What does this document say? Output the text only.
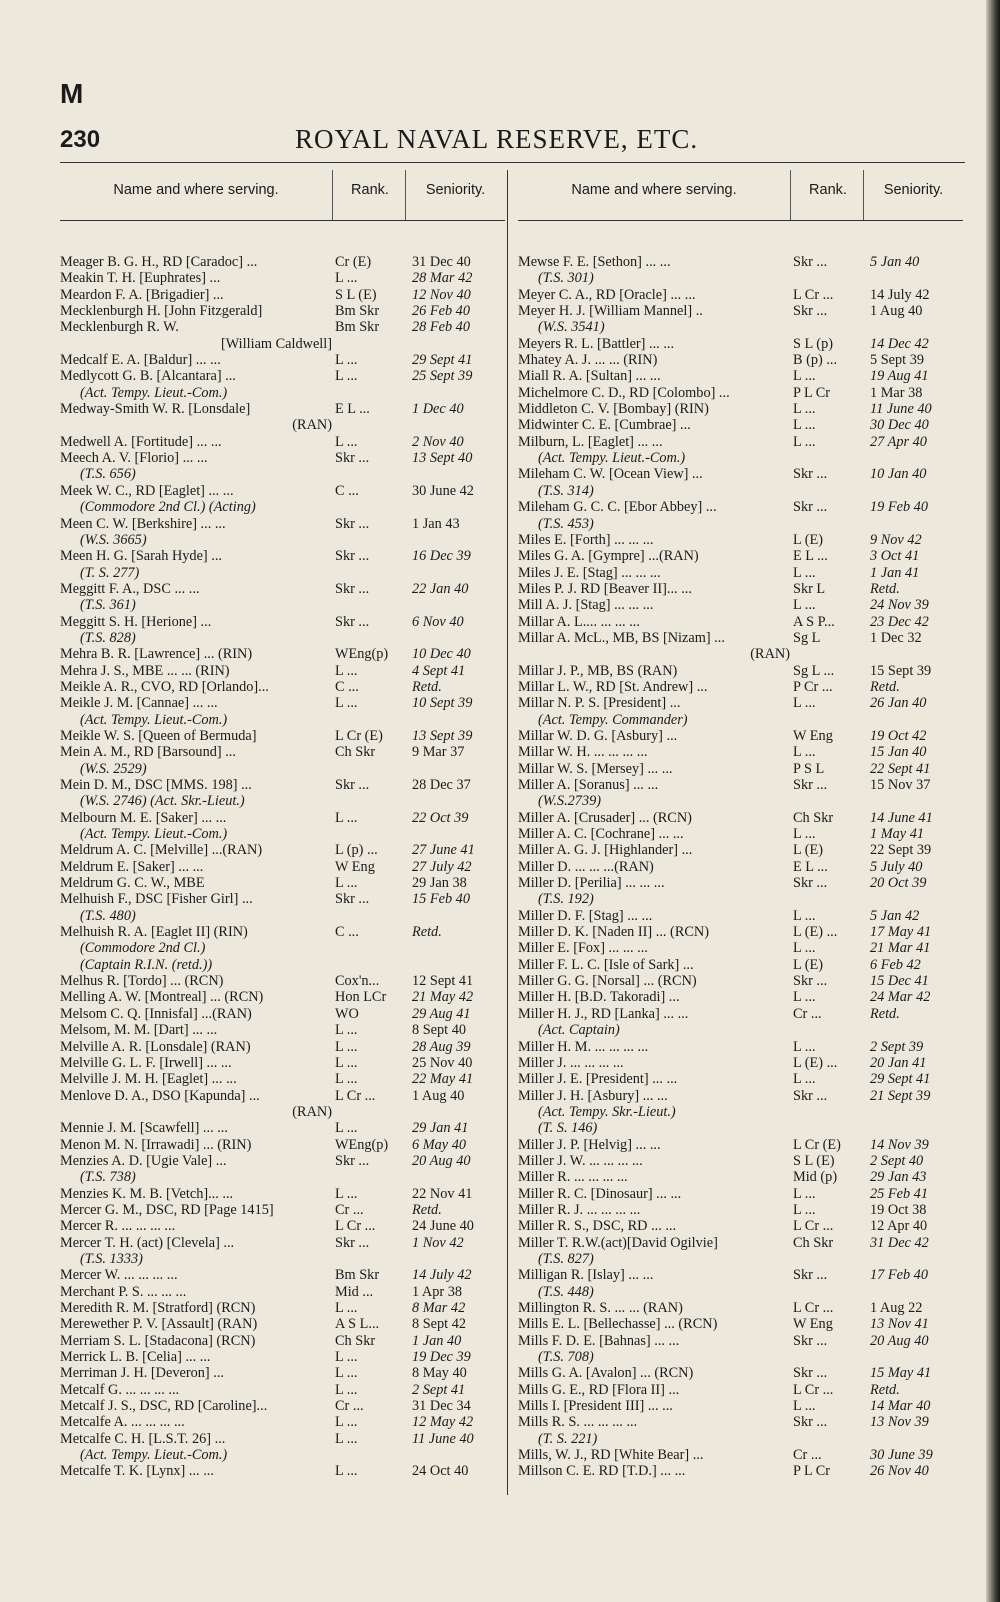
M
230	ROYAL NAVAL RESERVE, ETC.
Name and where serving.	Rank.	Seniority.
Meager B. G. H., RD [Caradoc] ...	Cr (E)	31 Dec 40
Meakin T. H. [Euphrates] ...	L ...	28 Mar 42
Meardon F. A. [Brigadier] ...	S L (E)	12 Nov 40
Mecklenburgh H. [John Fitzgerald]	Bm Skr	26 Feb 40
Mecklenburgh R. W.	Bm Skr	28 Feb 40
[William Caldwell]
Medcalf E. A. [Baldur] ... ...	L ...	29 Sept 41
Medlycott G. B. [Alcantara] ...	L ...	25 Sept 39
(Act. Tempy. Lieut.-Com.)
Medway-Smith W. R. [Lonsdale]	E L ...	1 Dec 40
(RAN)
Medwell A. [Fortitude] ... ...	L ...	2 Nov 40
Meech A. V. [Florio] ... ...	Skr ...	13 Sept 40
(T.S. 656)
Meek W. C., RD [Eaglet] ... ...	C ...	30 June 42
(Commodore 2nd Cl.) (Acting)
Meen C. W. [Berkshire] ... ...	Skr ...	1 Jan 43
(W.S. 3665)
Meen H. G. [Sarah Hyde] ...	Skr ...	16 Dec 39
(T. S. 277)
Meggitt F. A., DSC ... ...	Skr ...	22 Jan 40
(T.S. 361)
Meggitt S. H. [Herione] ...	Skr ...	6 Nov 40
(T.S. 828)
Mehra B. R. [Lawrence] ... (RIN)	WEng(p)	10 Dec 40
Mehra J. S., MBE ... ... (RIN)	L ...	4 Sept 41
Meikle A. R., CVO, RD [Orlando]...	C ...	Retd.
Meikle J. M. [Cannae] ... ...	L ...	10 Sept 39
(Act. Tempy. Lieut.-Com.)
Meikle W. S. [Queen of Bermuda]	L Cr (E)	13 Sept 39
Mein A. M., RD [Barsound] ...	Ch Skr	9 Mar 37
(W.S. 2529)
Mein D. M., DSC [MMS. 198] ...	Skr ...	28 Dec 37
(W.S. 2746) (Act. Skr.-Lieut.)
Melbourn M. E. [Saker] ... ...	L ...	22 Oct 39
(Act. Tempy. Lieut.-Com.)
Meldrum A. C. [Melville] ...(RAN)	L (p) ...	27 June 41
Meldrum E. [Saker] ... ...	W Eng	27 July 42
Meldrum G. C. W., MBE	L ...	29 Jan 38
Melhuish F., DSC [Fisher Girl] ...	Skr ...	15 Feb 40
(T.S. 480)
Melhuish R. A. [Eaglet II] (RIN)	C ...	Retd.
(Commodore 2nd Cl.)
(Captain R.I.N. (retd.))
Melhus R. [Tordo] ... (RCN)	Cox'n...	12 Sept 41
Melling A. W. [Montreal] ... (RCN)	Hon LCr	21 May 42
Melsom C. Q. [Innisfal] ...(RAN)	WO	29 Aug 41
Melsom, M. M. [Dart] ... ...	L ...	8 Sept 40
Melville A. R. [Lonsdale] (RAN)	L ...	28 Aug 39
Melville G. L. F. [Irwell] ... ...	L ...	25 Nov 40
Melville J. M. H. [Eaglet] ... ...	L ...	22 May 41
Menlove D. A., DSO [Kapunda] ...	L Cr ...	1 Aug 40
(RAN)
Mennie J. M. [Scawfell] ... ...	L ...	29 Jan 41
Menon M. N. [Irrawadi] ... (RIN)	WEng(p)	6 May 40
Menzies A. D. [Ugie Vale] ...	Skr ...	20 Aug 40
(T.S. 738)
Menzies K. M. B. [Vetch]... ...	L ...	22 Nov 41
Mercer G. M., DSC, RD [Page 1415]	Cr ...	Retd.
Mercer R. ... ... ... ...	L Cr ...	24 June 40
Mercer T. H. (act) [Clevela] ...	Skr ...	1 Nov 42
(T.S. 1333)
Mercer W. ... ... ... ...	Bm Skr	14 July 42
Merchant P. S. ... ... ...	Mid ...	1 Apr 38
Meredith R. M. [Stratford] (RCN)	L ...	8 Mar 42
Merewether P. V. [Assault] (RAN)	A S L...	8 Sept 42
Merriam S. L. [Stadacona] (RCN)	Ch Skr	1 Jan 40
Merrick L. B. [Celia] ... ...	L ...	19 Dec 39
Merriman J. H. [Deveron] ...	L ...	8 May 40
Metcalf G. ... ... ... ...	L ...	2 Sept 41
Metcalf J. S., DSC, RD [Caroline]...	Cr ...	31 Dec 34
Metcalfe A. ... ... ... ...	L ...	12 May 42
Metcalfe C. H. [L.S.T. 26] ...	L ...	11 June 40
(Act. Tempy. Lieut.-Com.)
Metcalfe T. K. [Lynx] ... ...	L ...	24 Oct 40
Name and where serving.	Rank.	Seniority.
Mewse F. E. [Sethon] ... ...	Skr ...	5 Jan 40
(T.S. 301)
Meyer C. A., RD [Oracle] ... ...	L Cr ...	14 July 42
Meyer H. J. [William Mannel] ..	Skr ...	1 Aug 40
(W.S. 3541)
Meyers R. L. [Battler] ... ...	S L (p)	14 Dec 42
Mhatey A. J. ... ... (RIN)	B (p) ...	5 Sept 39
Miall R. A. [Sultan] ... ...	L ...	19 Aug 41
Michelmore C. D., RD [Colombo] ...	P L Cr	1 Mar 38
Middleton C. V. [Bombay] (RIN)	L ...	11 June 40
Midwinter C. E. [Cumbrae] ...	L ...	30 Dec 40
Milburn, L. [Eaglet] ... ...	L ...	27 Apr 40
(Act. Tempy. Lieut.-Com.)
Mileham C. W. [Ocean View] ...	Skr ...	10 Jan 40
(T.S. 314)
Mileham G. C. C. [Ebor Abbey] ...	Skr ...	19 Feb 40
(T.S. 453)
Miles E. [Forth] ... ... ...	L (E)	9 Nov 42
Miles G. A. [Gympre] ...(RAN)	E L ...	3 Oct 41
Miles J. E. [Stag] ... ... ...	L ...	1 Jan 41
Miles P. J. RD [Beaver II]... ...	Skr L	Retd.
Mill A. J. [Stag] ... ... ...	L ...	24 Nov 39
Millar A. L.... ... ... ...	A S P...	23 Dec 42
Millar A. McL., MB, BS [Nizam] ...	Sg L	1 Dec 32
(RAN)
Millar J. P., MB, BS (RAN)	Sg L ...	15 Sept 39
Millar L. W., RD [St. Andrew] ...	P Cr ...	Retd.
Millar N. P. S. [President] ...	L ...	26 Jan 40
(Act. Tempy. Commander)
Millar W. D. G. [Asbury] ...	W Eng	19 Oct 42
Millar W. H. ... ... ... ...	L ...	15 Jan 40
Millar W. S. [Mersey] ... ...	P S L	22 Sept 41
Miller A. [Soranus] ... ...	Skr ...	15 Nov 37
(W.S.2739)
Miller A. [Crusader] ... (RCN)	Ch Skr	14 June 41
Miller A. C. [Cochrane] ... ...	L ...	1 May 41
Miller A. G. J. [Highlander] ...	L (E)	22 Sept 39
Miller D. ... ... ...(RAN)	E L ...	5 July 40
Miller D. [Perilia] ... ... ...	Skr ...	20 Oct 39
(T.S. 192)
Miller D. F. [Stag] ... ...	L ...	5 Jan 42
Miller D. K. [Naden II] ... (RCN)	L (E) ...	17 May 41
Miller E. [Fox] ... ... ...	L ...	21 Mar 41
Miller F. L. C. [Isle of Sark] ...	L (E)	6 Feb 42
Miller G. G. [Norsal] ... (RCN)	Skr ...	15 Dec 41
Miller H. [B.D. Takoradi] ...	L ...	24 Mar 42
Miller H. J., RD [Lanka] ... ...	Cr ...	Retd.
(Act. Captain)
Miller H. M. ... ... ... ...	L ...	2 Sept 39
Miller J. ... ... ... ...	L (E) ...	20 Jan 41
Miller J. E. [President] ... ...	L ...	29 Sept 41
Miller J. H. [Asbury] ... ...	Skr ...	21 Sept 39
(Act. Tempy. Skr.-Lieut.)
(T. S. 146)
Miller J. P. [Helvig] ... ...	L Cr (E)	14 Nov 39
Miller J. W. ... ... ... ...	S L (E)	2 Sept 40
Miller R. ... ... ... ...	Mid (p)	29 Jan 43
Miller R. C. [Dinosaur] ... ...	L ...	25 Feb 41
Miller R. J. ... ... ... ...	L ...	19 Oct 38
Miller R. S., DSC, RD ... ...	L Cr ...	12 Apr 40
Miller T. R.W.(act)[David Ogilvie]	Ch Skr	31 Dec 42
(T.S. 827)
Milligan R. [Islay] ... ...	Skr ...	17 Feb 40
(T.S. 448)
Millington R. S. ... ... (RAN)	L Cr ...	1 Aug 22
Mills E. L. [Bellechasse] ... (RCN)	W Eng	13 Nov 41
Mills F. D. E. [Bahnas] ... ...	Skr ...	20 Aug 40
(T.S. 708)
Mills G. A. [Avalon] ... (RCN)	Skr ...	15 May 41
Mills G. E., RD [Flora II] ...	L Cr ...	Retd.
Mills I. [President III] ... ...	L ...	14 Mar 40
Mills R. S. ... ... ... ...	Skr ...	13 Nov 39
(T. S. 221)
Mills, W. J., RD [White Bear] ...	Cr ...	30 June 39
Millson C. E. RD [T.D.] ... ...	P L Cr	26 Nov 40
